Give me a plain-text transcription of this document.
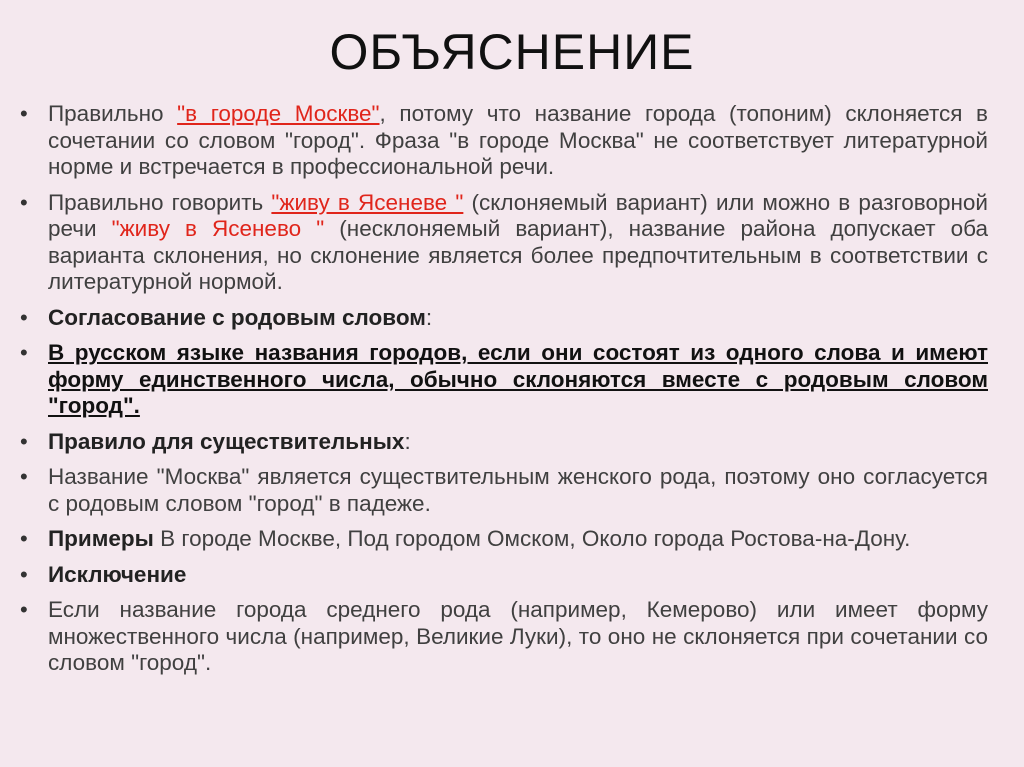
ОБЪЯСНЕНИЕ
• Правильно "в городе Москве", потому что название города (топоним) склоняется в сочетании со словом "город". Фраза "в городе Москва" не соответствует литературной норме и встречается в профессиональной речи.
• Правильно говорить "живу в Ясеневе " (склоняемый вариант) или можно в разговорной речи "живу в Ясенево " (несклоняемый вариант), название района допускает оба варианта склонения, но склонение является более предпочтительным в соответствии с литературной нормой.
• Согласование с родовым словом:
• В русском языке названия городов, если они состоят из одного слова и имеют форму единственного числа, обычно склоняются вместе с родовым словом "город".
• Правило для существительных:
• Название "Москва" является существительным женского рода, поэтому оно согласуется с родовым словом "город" в падеже.
• Примеры В городе Москве, Под городом Омском, Около города Ростова-на-Дону.
• Исключение
• Если название города среднего рода (например, Кемерово) или имеет форму множественного числа (например, Великие Луки), то оно не склоняется при сочетании со словом "город".
